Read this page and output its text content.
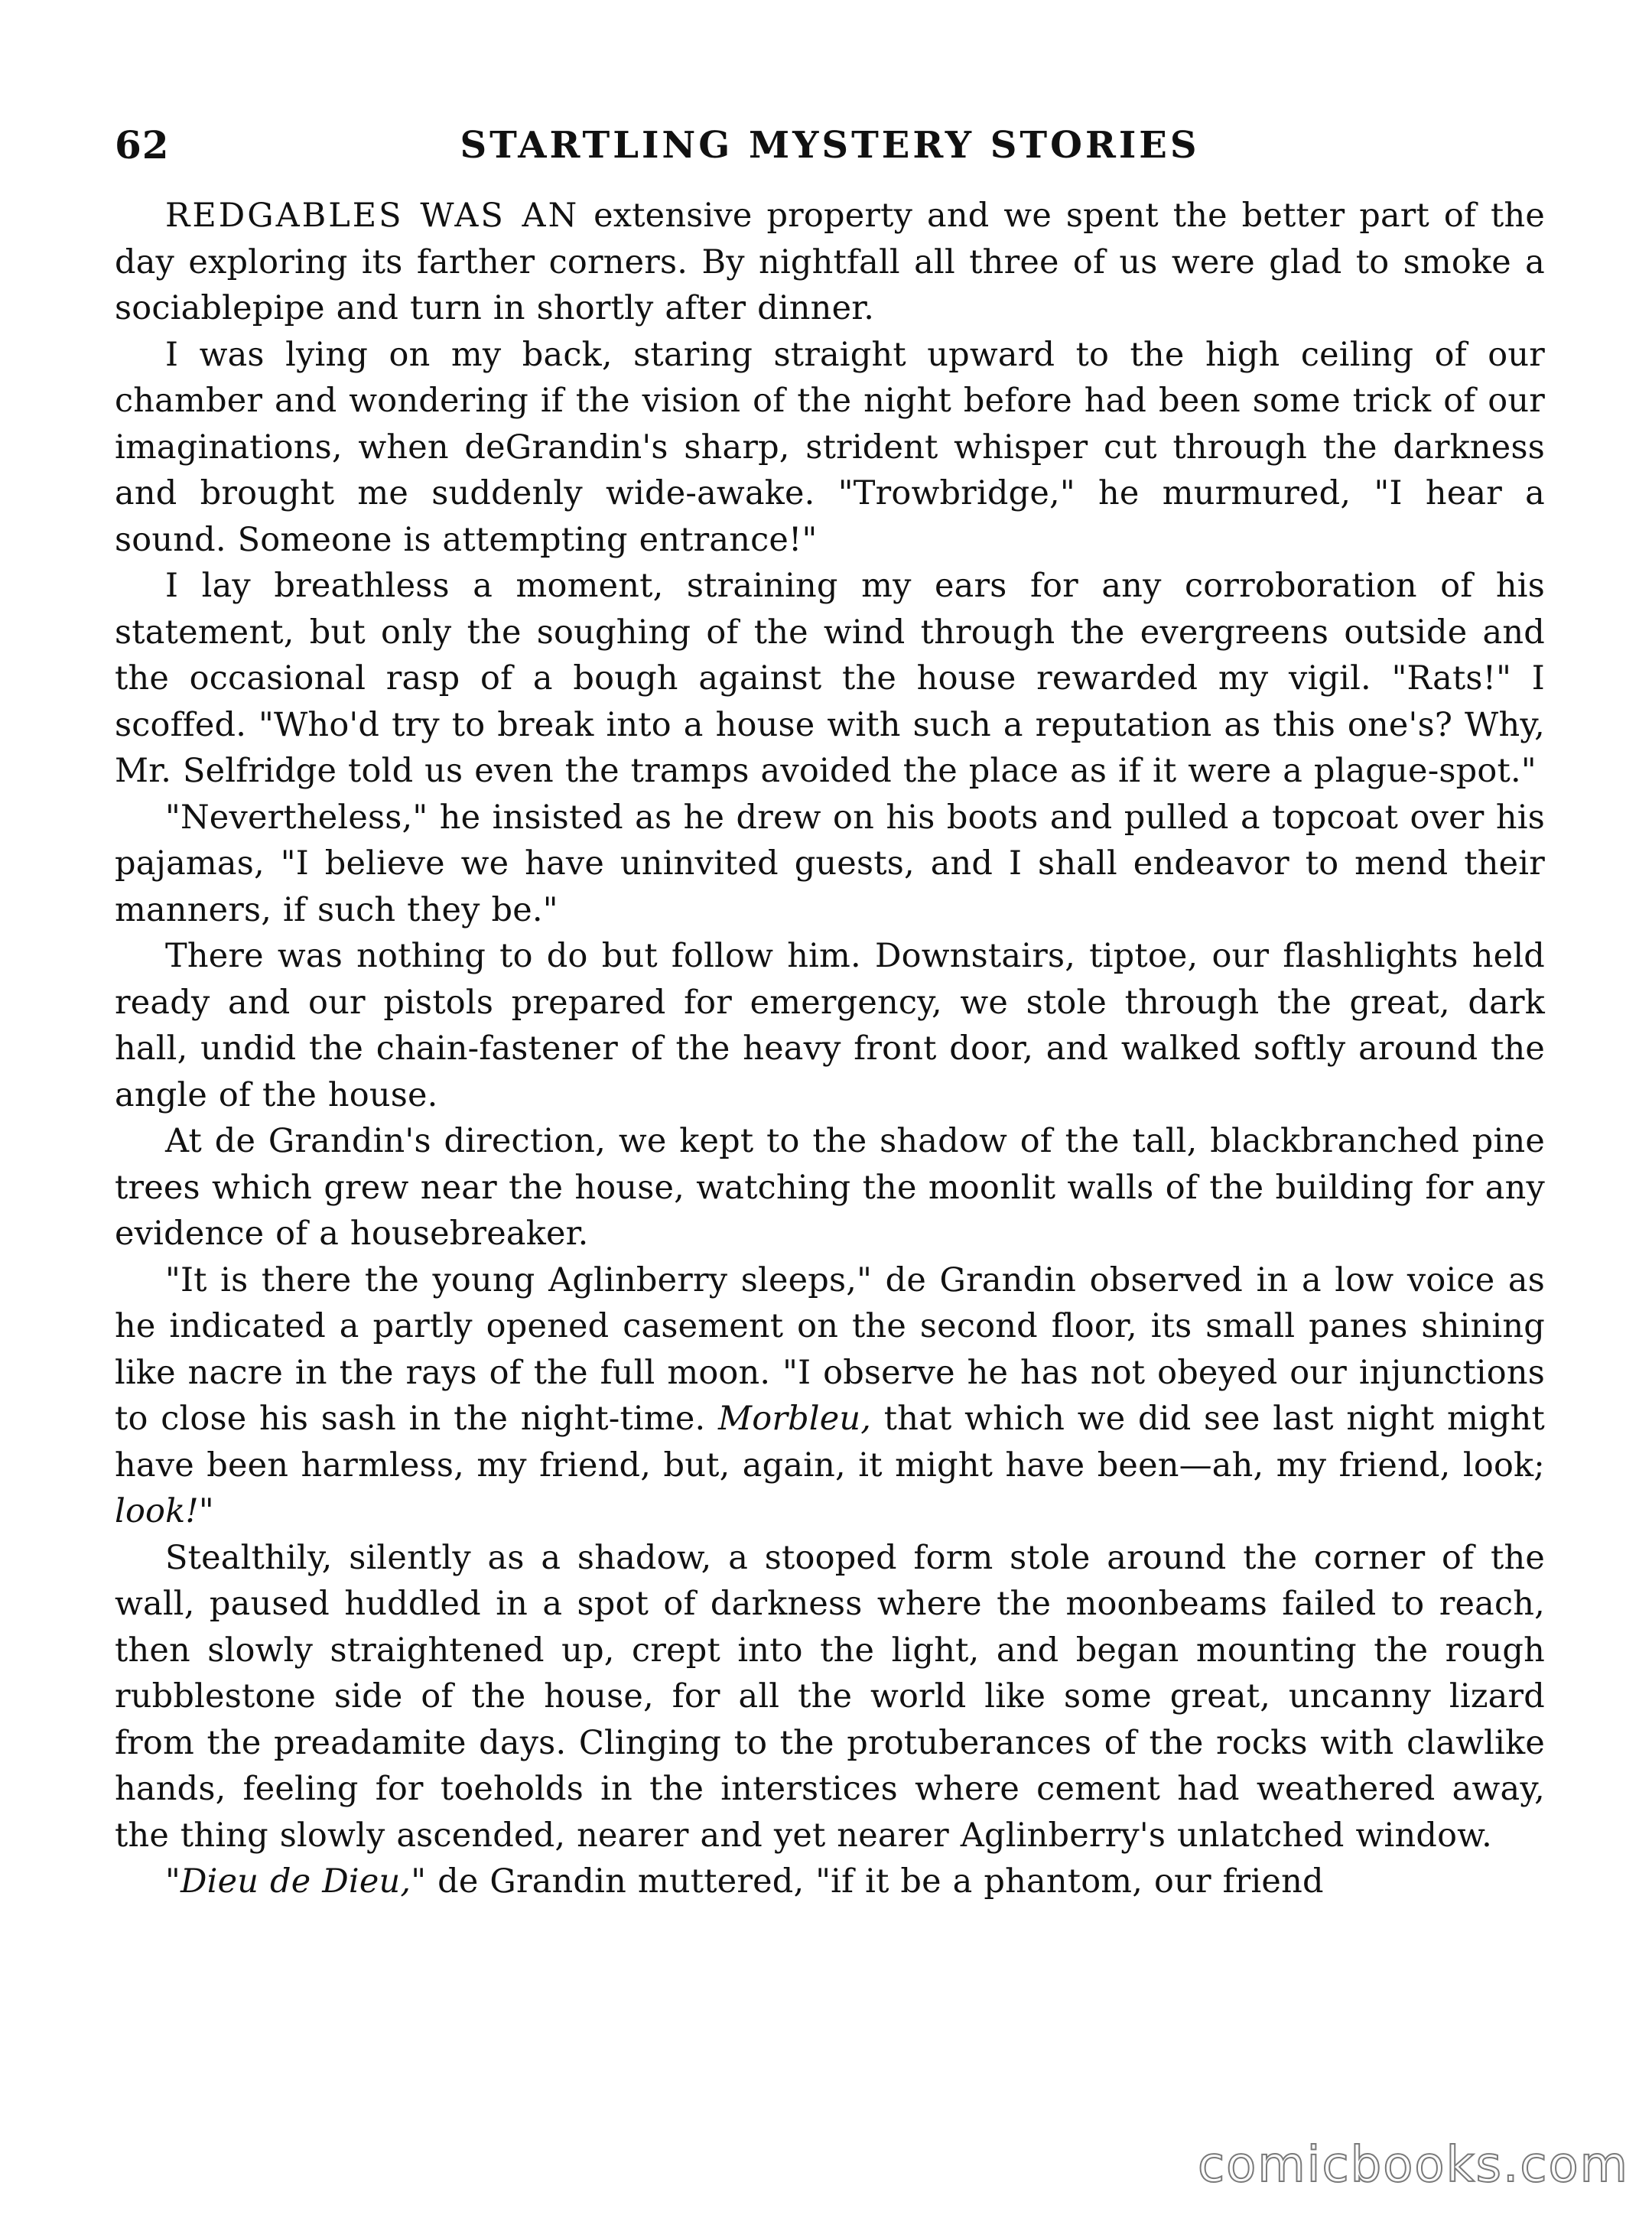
62	STARTLING MYSTERY STORIES

REDGABLES WAS AN extensive property and we spent the better part of the day exploring its farther corners. By nightfall all three of us were glad to smoke a sociablepipe and turn in shortly after dinner.

I was lying on my back, staring straight upward to the high ceiling of our chamber and wondering if the vision of the night before had been some trick of our imaginations, when deGrandin's sharp, strident whisper cut through the darkness and brought me suddenly wide-awake. "Trowbridge," he murmured, "I hear a sound. Someone is attempting entrance!"

I lay breathless a moment, straining my ears for any corroboration of his statement, but only the soughing of the wind through the evergreens outside and the occasional rasp of a bough against the house rewarded my vigil. "Rats!" I scoffed. "Who'd try to break into a house with such a reputation as this one's? Why, Mr. Selfridge told us even the tramps avoided the place as if it were a plague-spot."

"Nevertheless," he insisted as he drew on his boots and pulled a topcoat over his pajamas, "I believe we have uninvited guests, and I shall endeavor to mend their manners, if such they be."

There was nothing to do but follow him. Downstairs, tiptoe, our flashlights held ready and our pistols prepared for emergency, we stole through the great, dark hall, undid the chain-fastener of the heavy front door, and walked softly around the angle of the house.

At de Grandin's direction, we kept to the shadow of the tall, blackbranched pine trees which grew near the house, watching the moonlit walls of the building for any evidence of a housebreaker.

"It is there the young Aglinberry sleeps," de Grandin observed in a low voice as he indicated a partly opened casement on the second floor, its small panes shining like nacre in the rays of the full moon. "I observe he has not obeyed our injunctions to close his sash in the night-time. Morbleu, that which we did see last night might have been harmless, my friend, but, again, it might have been—ah, my friend, look; look!"

Stealthily, silently as a shadow, a stooped form stole around the corner of the wall, paused huddled in a spot of darkness where the moonbeams failed to reach, then slowly straightened up, crept into the light, and began mounting the rough rubblestone side of the house, for all the world like some great, uncanny lizard from the preadamite days. Clinging to the protuberances of the rocks with clawlike hands, feeling for toeholds in the interstices where cement had weathered away, the thing slowly ascended, nearer and yet nearer Aglinberry's unlatched window.

"Dieu de Dieu," de Grandin muttered, "if it be a phantom, our friend

comicbooks.com
